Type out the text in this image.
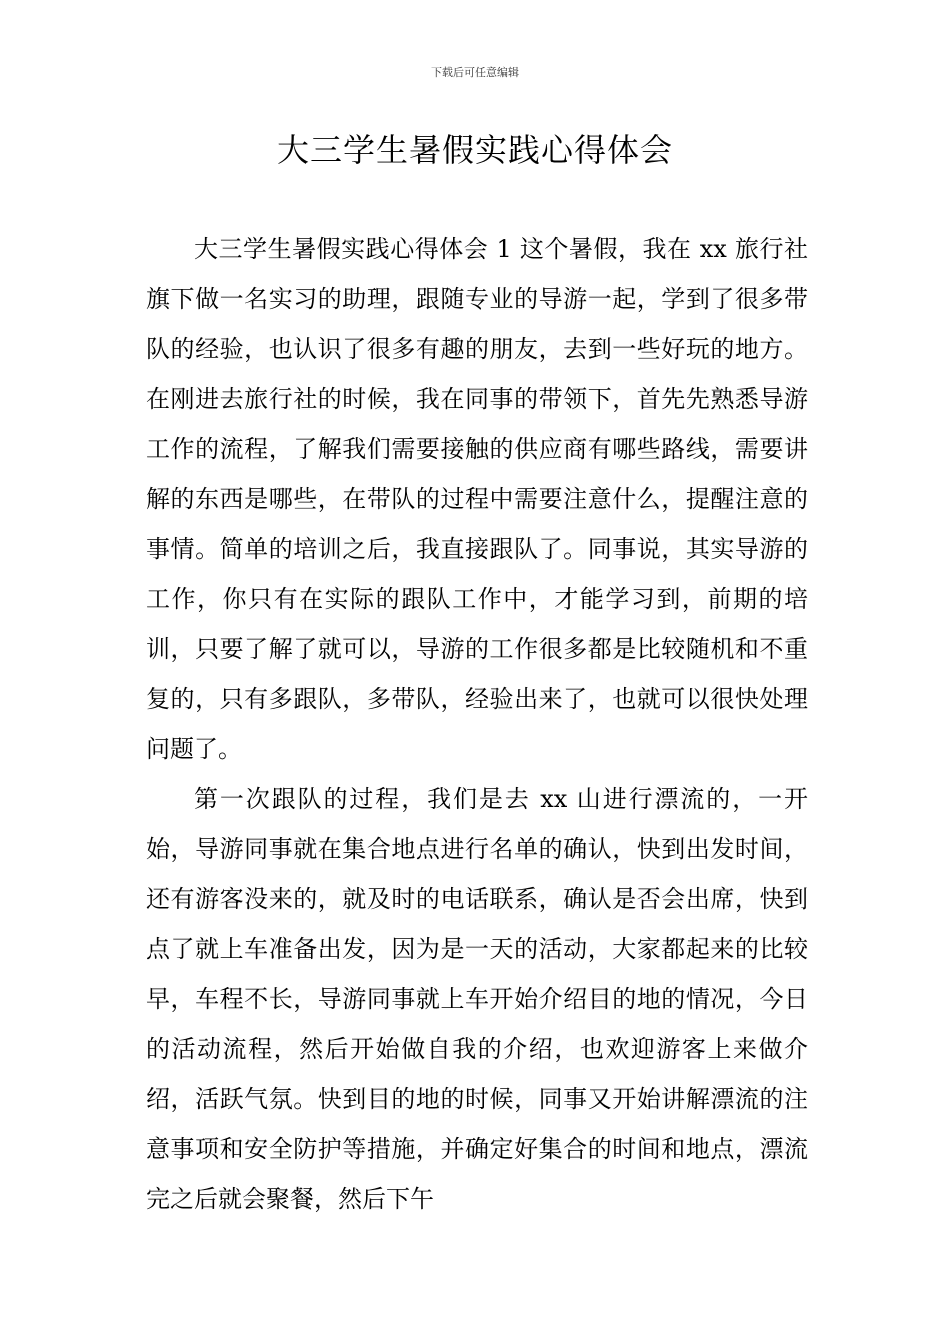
下载后可任意编辑
大三学生暑假实践心得体会

大三学生暑假实践心得体会 1 这个暑假，我在 xx 旅行社旗下做一名实习的助理，跟随专业的导游一起，学到了很多带队的经验，也认识了很多有趣的朋友，去到一些好玩的地方。在刚进去旅行社的时候，我在同事的带领下，首先先熟悉导游工作的流程，了解我们需要接触的供应商有哪些路线，需要讲解的东西是哪些，在带队的过程中需要注意什么，提醒注意的事情。简单的培训之后，我直接跟队了。同事说，其实导游的工作，你只有在实际的跟队工作中，才能学习到，前期的培训，只要了解了就可以，导游的工作很多都是比较随机和不重复的，只有多跟队，多带队，经验出来了，也就可以很快处理问题了。

第一次跟队的过程，我们是去 xx 山进行漂流的，一开始，导游同事就在集合地点进行名单的确认，快到出发时间，还有游客没来的，就及时的电话联系，确认是否会出席，快到点了就上车准备出发，因为是一天的活动，大家都起来的比较早，车程不长，导游同事就上车开始介绍目的地的情况，今日的活动流程，然后开始做自我的介绍，也欢迎游客上来做介绍，活跃气氛。快到目的地的时候，同事又开始讲解漂流的注意事项和安全防护等措施，并确定好集合的时间和地点，漂流完之后就会聚餐，然后下午
